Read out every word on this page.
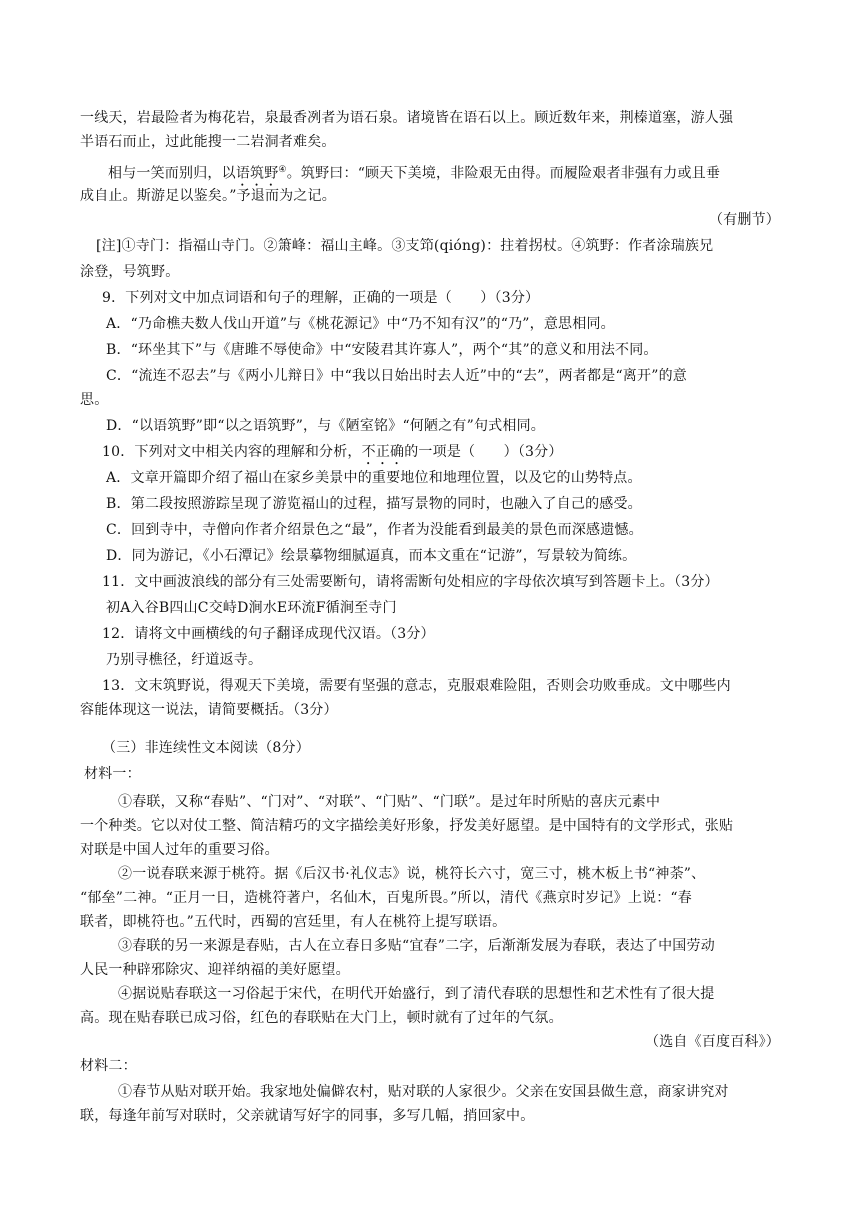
一线天，岩最险者为梅花岩，泉最香冽者为语石泉。诸境皆在语石以上。顾近数年来，荆榛道塞，游人强
半语石而止，过此能搜一二岩洞者难矣。
相与一笑而别归，以语筑野④。筑野曰：“顾天下美境，非险艰无由得。而履险艰者非强有力或且垂
成自止。斯游足以鉴矣。”予退而为之记。
（有删节）
[注]①寺门：指福山寺门。②箫峰：福山主峰。③支笻(qióng)：拄着拐杖。④筑野：作者涂瑞族兄
涂登，号筑野。
9．下列对文中加点词语和句子的理解，正确的一项是（　　）（3分）
A．“乃命樵夫数人伐山开道”与《桃花源记》中“乃不知有汉”的“乃”，意思相同。
B．“环坐其下”与《唐雎不辱使命》中“安陵君其许寡人”，两个“其”的意义和用法不同。
C．“流连不忍去”与《两小儿辩日》中“我以日始出时去人近”中的“去”，两者都是“离开”的意
思。
D．“以语筑野”即“以之语筑野”，与《陋室铭》“何陋之有”句式相同。
10．下列对文中相关内容的理解和分析，不正确的一项是（　　）（3分）
A．文章开篇即介绍了福山在家乡美景中的重要地位和地理位置，以及它的山势特点。
B．第二段按照游踪呈现了游览福山的过程，描写景物的同时，也融入了自己的感受。
C．回到寺中，寺僧向作者介绍景色之“最”，作者为没能看到最美的景色而深感遗憾。
D．同为游记，《小石潭记》绘景摹物细腻逼真，而本文重在“记游”，写景较为简练。
11．文中画波浪线的部分有三处需要断句，请将需断句处相应的字母依次填写到答题卡上。（3分）
初A入谷B四山C交峙D涧水E环流F循涧至寺门
12．请将文中画横线的句子翻译成现代汉语。（3分）
乃别寻樵径，纡道返寺。
13．文末筑野说，得观天下美境，需要有坚强的意志，克服艰难险阻，否则会功败垂成。文中哪些内
容能体现这一说法，请简要概括。（3分）
（三）非连续性文本阅读（8分）
材料一：
①春联，又称“春贴”、“门对”、“对联”、“门贴”、“门联”。是过年时所贴的喜庆元素中
一个种类。它以对仗工整、简洁精巧的文字描绘美好形象，抒发美好愿望。是中国特有的文学形式，张贴
对联是中国人过年的重要习俗。
②一说春联来源于桃符。据《后汉书·礼仪志》说，桃符长六寸，宽三寸，桃木板上书“神荼”、
“郁垒”二神。“正月一日，造桃符著户，名仙木，百鬼所畏。”所以，清代《燕京时岁记》上说：“春
联者，即桃符也。”五代时，西蜀的宫廷里，有人在桃符上提写联语。
③春联的另一来源是春贴，古人在立春日多贴“宜春”二字，后渐渐发展为春联，表达了中国劳动
人民一种辟邪除灾、迎祥纳福的美好愿望。
④据说贴春联这一习俗起于宋代，在明代开始盛行，到了清代春联的思想性和艺术性有了很大提
高。现在贴春联已成习俗，红色的春联贴在大门上，顿时就有了过年的气氛。
（选自《百度百科》）
材料二：
①春节从贴对联开始。我家地处偏僻农村，贴对联的人家很少。父亲在安国县做生意，商家讲究对
联，每逢年前写对联时，父亲就请写好字的同事，多写几幅，捎回家中。
